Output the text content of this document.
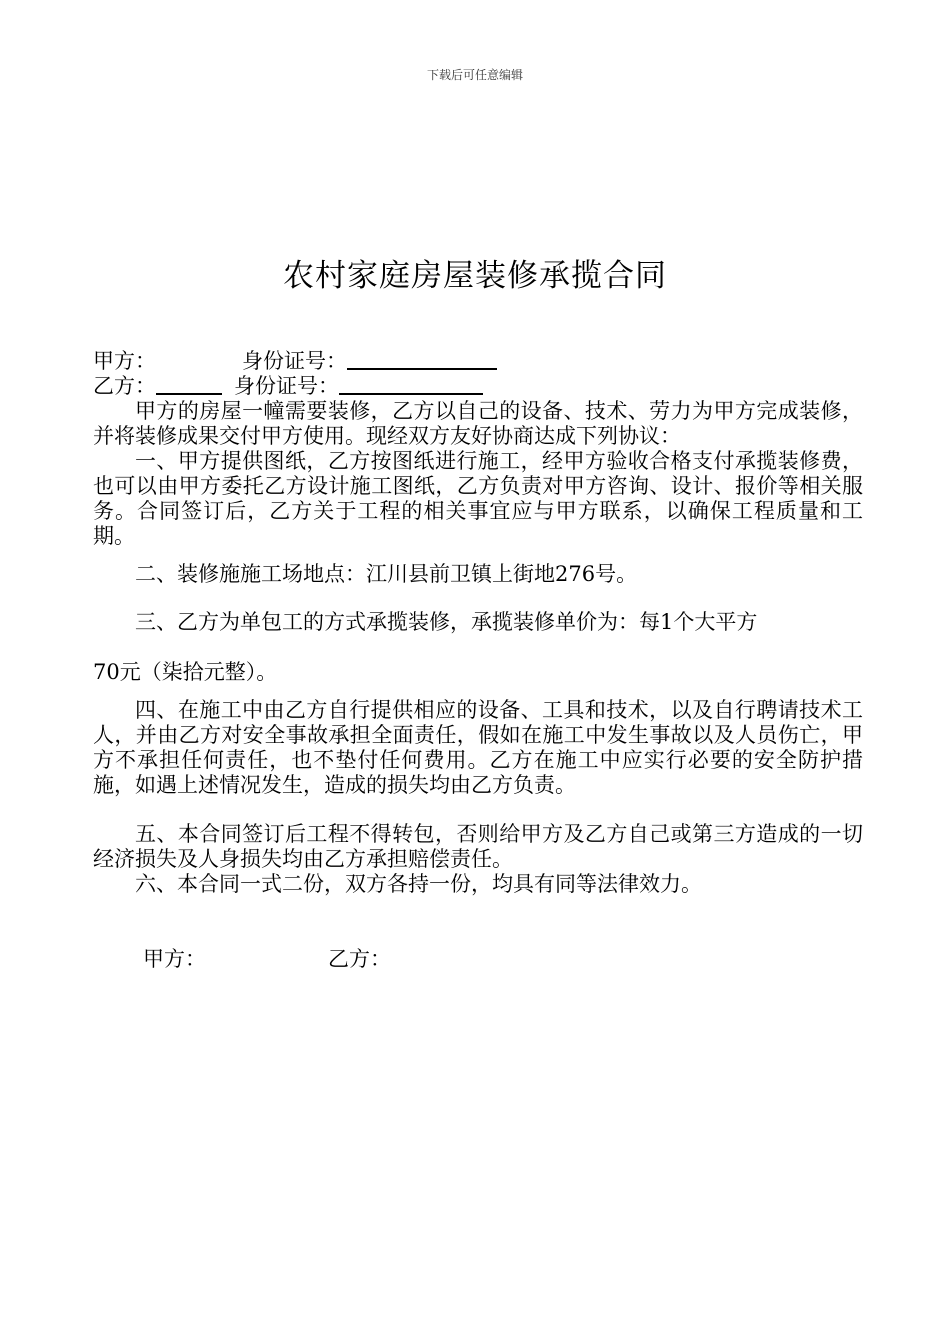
下载后可任意编辑
农村家庭房屋装修承揽合同
甲方：	身份证号：
乙方：	身份证号：

甲方的房屋一幢需要装修，乙方以自己的设备、技术、劳力为甲方完成装修，并将装修成果交付甲方使用。现经双方友好协商达成下列协议：

一、甲方提供图纸，乙方按图纸进行施工，经甲方验收合格支付承揽装修费，也可以由甲方委托乙方设计施工图纸，乙方负责对甲方咨询、设计、报价等相关服务。合同签订后，乙方关于工程的相关事宜应与甲方联系，以确保工程质量和工期。

二、装修施施工场地点：江川县前卫镇上街地276号。

三、乙方为单包工的方式承揽装修，承揽装修单价为：每1个大平方

70元（柒拾元整）。

四、在施工中由乙方自行提供相应的设备、工具和技术，以及自行聘请技术工人，并由乙方对安全事故承担全面责任，假如在施工中发生事故以及人员伤亡，甲方不承担任何责任，也不垫付任何费用。乙方在施工中应实行必要的安全防护措施，如遇上述情况发生，造成的损失均由乙方负责。

五、本合同签订后工程不得转包，否则给甲方及乙方自己或第三方造成的一切经济损失及人身损失均由乙方承担赔偿责任。

六、本合同一式二份，双方各持一份，均具有同等法律效力。

甲方：	乙方：
